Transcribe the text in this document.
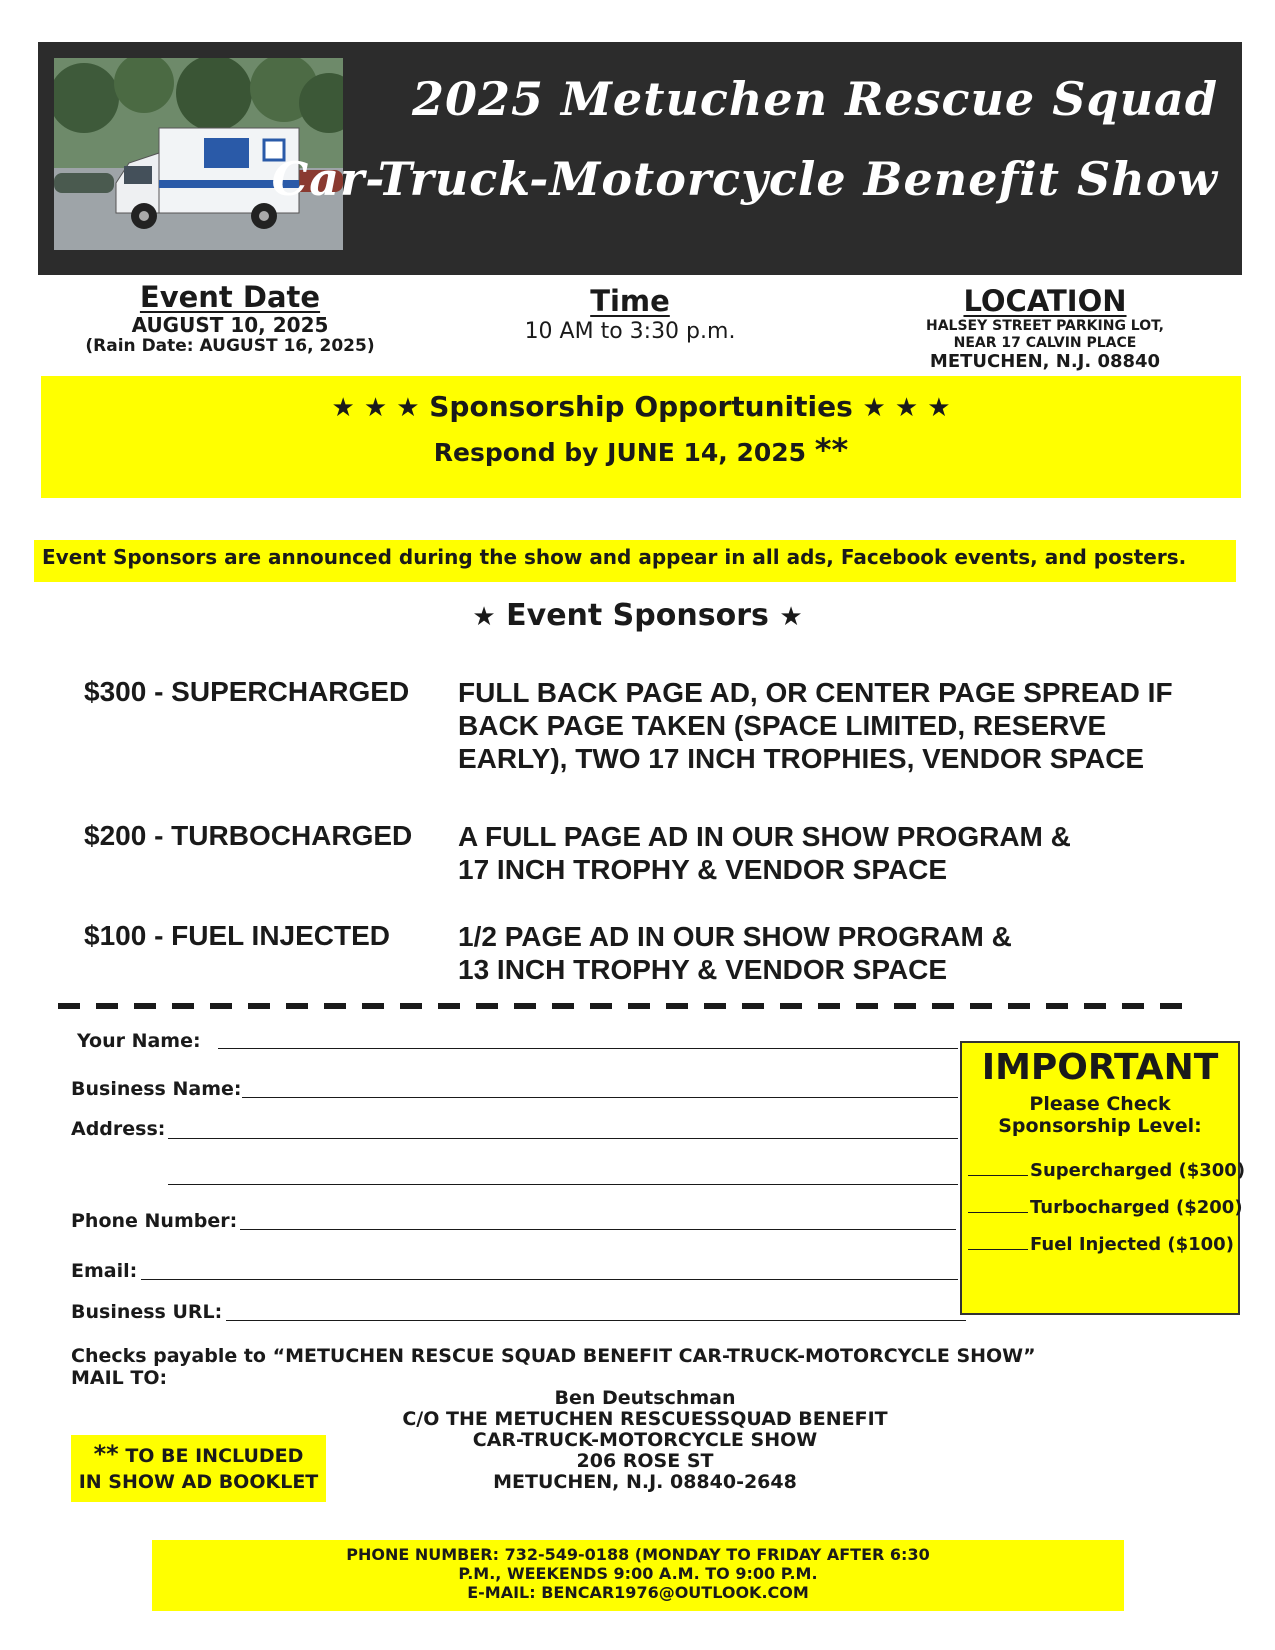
2025 Metuchen Rescue Squad
Car-Truck-Motorcycle Benefit Show
Event Date
AUGUST 10, 2025
(Rain Date: AUGUST 16, 2025)
Time
10 AM to 3:30 p.m.
LOCATION
HALSEY STREET PARKING LOT,
NEAR 17 CALVIN PLACE
METUCHEN, N.J. 08840
★ ★ ★ Sponsorship Opportunities ★ ★ ★
Respond by JUNE 14, 2025 **
Event Sponsors are announced during the show and appear in all ads, Facebook events, and posters.
★ Event Sponsors ★
$300 - SUPERCHARGED FULL BACK PAGE AD, OR CENTER PAGE SPREAD IF
BACK PAGE TAKEN (SPACE LIMITED, RESERVE
EARLY), TWO 17 INCH TROPHIES, VENDOR SPACE
$200 - TURBOCHARGED A FULL PAGE AD IN OUR SHOW PROGRAM &
17 INCH TROPHY & VENDOR SPACE
$100 - FUEL INJECTED 1/2 PAGE AD IN OUR SHOW PROGRAM &
13 INCH TROPHY & VENDOR SPACE
Your Name:
Business Name:
Address:
Phone Number:
Email:
Business URL:
IMPORTANT
Please Check
Sponsorship Level:
Supercharged ($300)
Turbocharged ($200)
Fuel Injected ($100)
Checks payable to “METUCHEN RESCUE SQUAD BENEFIT CAR-TRUCK-MOTORCYCLE SHOW”
MAIL TO:
Ben Deutschman
C/O THE METUCHEN RESCUESSQUAD BENEFIT
CAR-TRUCK-MOTORCYCLE SHOW
206 ROSE ST
METUCHEN, N.J. 08840-2648
** TO BE INCLUDED
IN SHOW AD BOOKLET
PHONE NUMBER: 732-549-0188 (MONDAY TO FRIDAY AFTER 6:30
P.M., WEEKENDS 9:00 A.M. TO 9:00 P.M.
E-MAIL: BENCAR1976@OUTLOOK.COM
